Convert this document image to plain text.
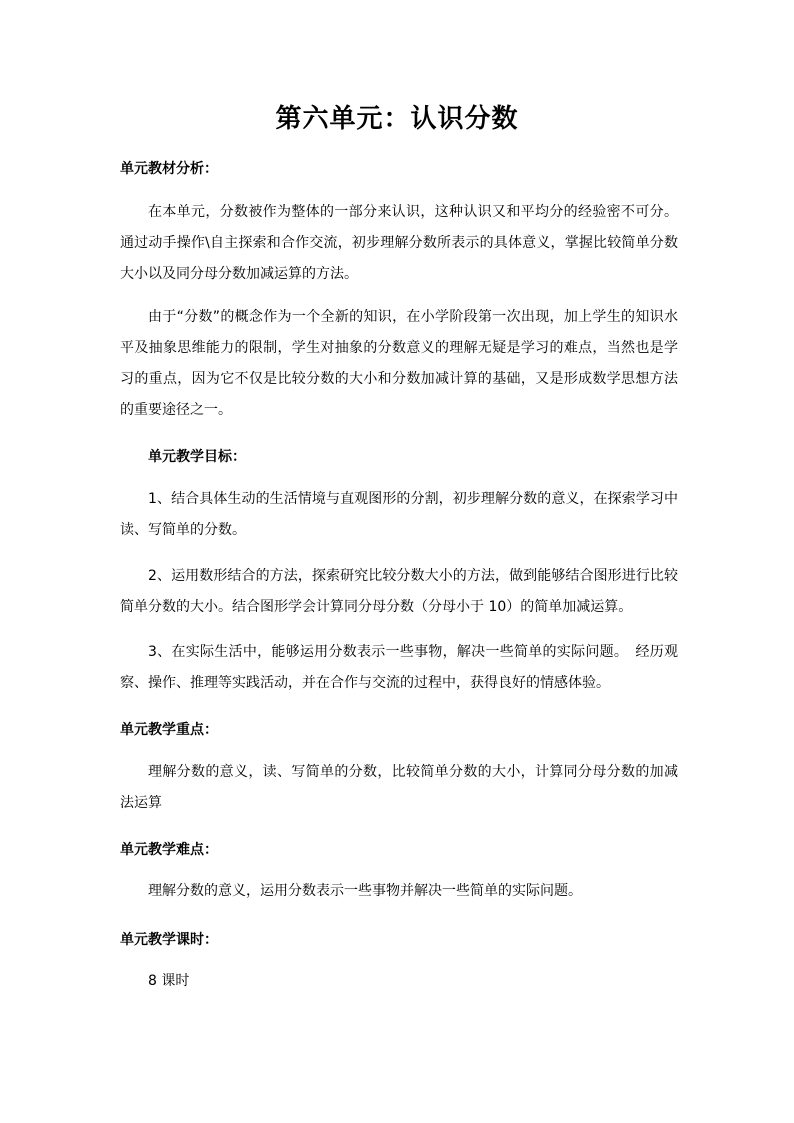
第六单元：认识分数

单元教材分析：

在本单元，分数被作为整体的一部分来认识，这种认识又和平均分的经验密不可分。通过动手操作\自主探索和合作交流，初步理解分数所表示的具体意义，掌握比较简单分数大小以及同分母分数加减运算的方法。

由于“分数”的概念作为一个全新的知识，在小学阶段第一次出现，加上学生的知识水平及抽象思维能力的限制，学生对抽象的分数意义的理解无疑是学习的难点，当然也是学习的重点，因为它不仅是比较分数的大小和分数加减计算的基础，又是形成数学思想方法的重要途径之一。

单元教学目标：

1、结合具体生动的生活情境与直观图形的分割，初步理解分数的意义，在探索学习中读、写简单的分数。

2、运用数形结合的方法，探索研究比较分数大小的方法，做到能够结合图形进行比较简单分数的大小。结合图形学会计算同分母分数（分母小于 10）的简单加减运算。

3、在实际生活中，能够运用分数表示一些事物，解决一些简单的实际问题。　经历观察、操作、推理等实践活动，并在合作与交流的过程中，获得良好的情感体验。

单元教学重点：

理解分数的意义，读、写简单的分数，比较简单分数的大小，计算同分母分数的加减法运算

单元教学难点：

理解分数的意义，运用分数表示一些事物并解决一些简单的实际问题。

单元教学课时：

8 课时
